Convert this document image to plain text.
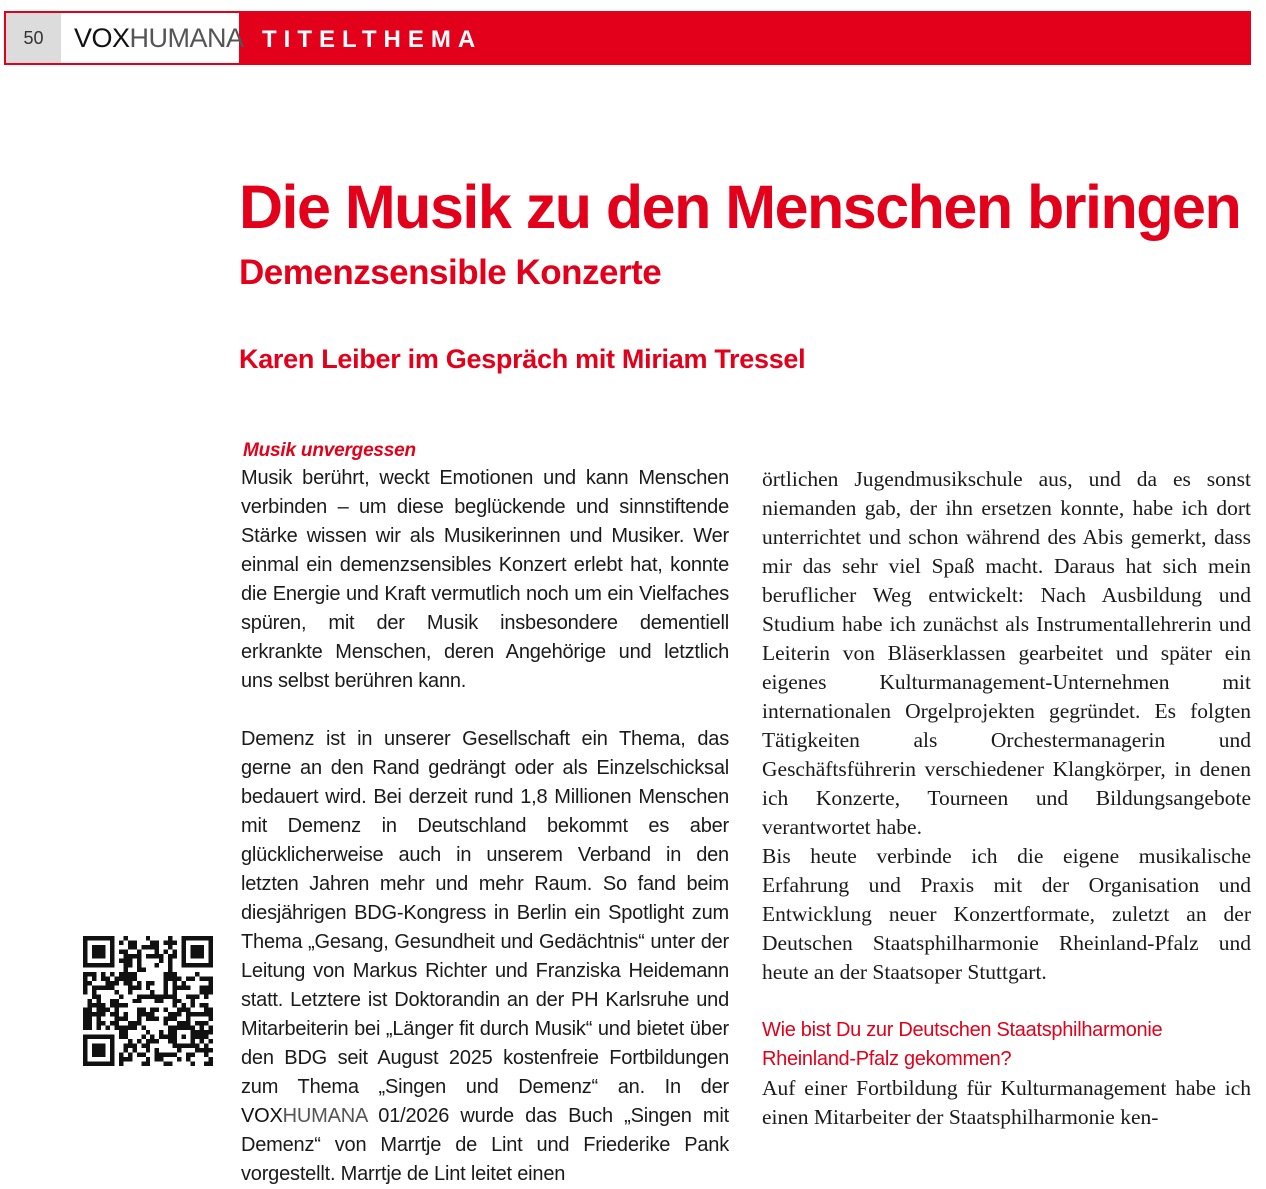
TITELTHEMA
50	VOXHUMANA
Die Musik zu den Menschen bringen
Demenzsensible Konzerte
Karen Leiber im Gespräch mit Miriam Tressel
Musik unvergessen

Musik berührt, weckt Emotionen und kann Menschen verbinden – um diese beglückende und sinnstiftende Stärke wissen wir als Musikerinnen und Musiker. Wer einmal ein demenzsensibles Konzert erlebt hat, konnte die Energie und Kraft vermutlich noch um ein Vielfaches spüren, mit der Musik insbesondere dementiell erkrankte Menschen, deren Angehörige und letztlich uns selbst berühren kann.

Demenz ist in unserer Gesellschaft ein Thema, das gerne an den Rand gedrängt oder als Einzelschicksal bedauert wird. Bei derzeit rund 1,8 Millionen Menschen mit Demenz in Deutschland bekommt es aber glücklicherweise auch in unserem Verband in den letzten Jahren mehr und mehr Raum. So fand beim diesjährigen BDG-Kongress in Berlin ein Spotlight zum Thema „Gesang, Gesundheit und Gedächtnis“ unter der Leitung von Markus Richter und Franziska Heidemann statt. Letztere ist Doktorandin an der PH Karlsruhe und Mitarbeiterin bei „Länger fit durch Musik“ und bietet über den BDG seit August 2025 kostenfreie Fortbildungen zum Thema „Singen und Demenz“ an. In der VOXHUMANA 01/2026 wurde das Buch „Singen mit Demenz“ von Marrtje de Lint und Friederike Pank vorgestellt. Marrtje de Lint leitet einen

örtlichen Jugendmusikschule aus, und da es sonst niemanden gab, der ihn ersetzen konnte, habe ich dort unterrichtet und schon während des Abis gemerkt, dass mir das sehr viel Spaß macht. Daraus hat sich mein beruflicher Weg entwickelt: Nach Ausbildung und Studium habe ich zunächst als Instrumentallehrerin und Leiterin von Bläserklassen gearbeitet und später ein eigenes Kulturmanagement-Unternehmen mit internationalen Orgelprojekten gegründet. Es folgten Tätigkeiten als Orchestermanagerin und Geschäftsführerin verschiedener Klangkörper, in denen ich Konzerte, Tourneen und Bildungsangebote verantwortet habe.

Bis heute verbinde ich die eigene musikalische Erfahrung und Praxis mit der Organisation und Entwicklung neuer Konzertformate, zuletzt an der Deutschen Staatsphilharmonie Rheinland-Pfalz und heute an der Staatsoper Stuttgart.

Wie bist Du zur Deutschen Staatsphilharmonie Rheinland-Pfalz gekommen?

Auf einer Fortbildung für Kulturmanagement habe ich einen Mitarbeiter der Staatsphilharmonie ken-
